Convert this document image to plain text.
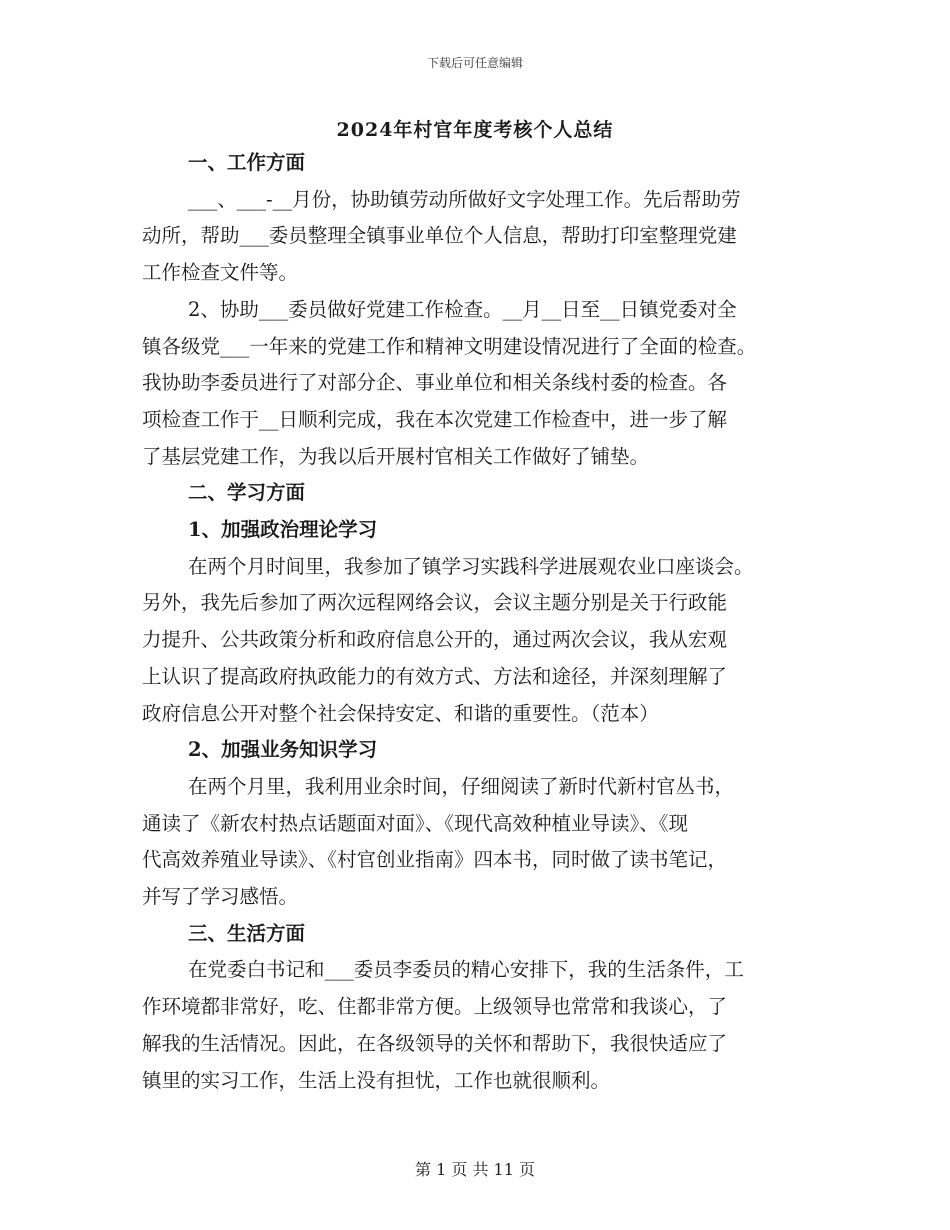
下载后可任意编辑
2024年村官年度考核个人总结
一、工作方面
___、___-__月份，协助镇劳动所做好文字处理工作。先后帮助劳
动所，帮助___委员整理全镇事业单位个人信息，帮助打印室整理党建
工作检查文件等。
2、协助___委员做好党建工作检查。__月__日至__日镇党委对全
镇各级党___一年来的党建工作和精神文明建设情况进行了全面的检查。
我协助李委员进行了对部分企、事业单位和相关条线村委的检查。各
项检查工作于__日顺利完成，我在本次党建工作检查中，进一步了解
了基层党建工作，为我以后开展村官相关工作做好了铺垫。
二、学习方面
1、加强政治理论学习
在两个月时间里，我参加了镇学习实践科学进展观农业口座谈会。
另外，我先后参加了两次远程网络会议，会议主题分别是关于行政能
力提升、公共政策分析和政府信息公开的，通过两次会议，我从宏观
上认识了提高政府执政能力的有效方式、方法和途径，并深刻理解了
政府信息公开对整个社会保持安定、和谐的重要性。（范本）
2、加强业务知识学习
在两个月里，我利用业余时间，仔细阅读了新时代新村官丛书，
通读了《新农村热点话题面对面》、《现代高效种植业导读》、《现
代高效养殖业导读》、《村官创业指南》四本书，同时做了读书笔记，
并写了学习感悟。
三、生活方面
在党委白书记和___委员李委员的精心安排下，我的生活条件，工
作环境都非常好，吃、住都非常方便。上级领导也常常和我谈心，了
解我的生活情况。因此，在各级领导的关怀和帮助下，我很快适应了
镇里的实习工作，生活上没有担忧，工作也就很顺利。
第 1 页 共 11 页
